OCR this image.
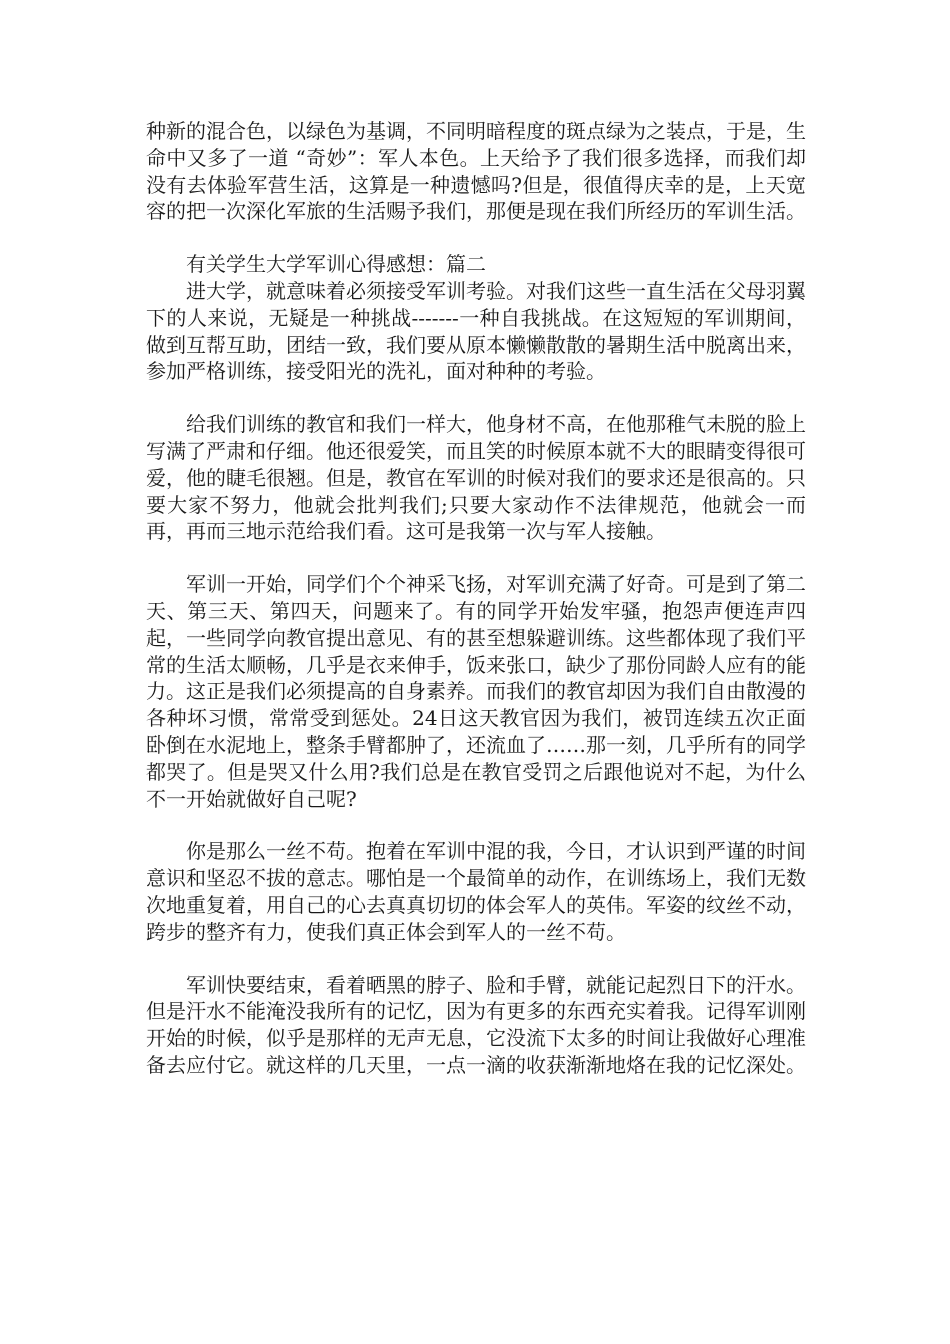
种新的混合色，以绿色为基调，不同明暗程度的斑点绿为之装点，于是，生命中又多了一道 “奇妙”：军人本色。上天给予了我们很多选择，而我们却没有去体验军营生活，这算是一种遗憾吗?但是，很值得庆幸的是，上天宽容的把一次深化军旅的生活赐予我们，那便是现在我们所经历的军训生活。

有关学生大学军训心得感想：篇二

进大学，就意味着必须接受军训考验。对我们这些一直生活在父母羽翼下的人来说，无疑是一种挑战-------一种自我挑战。在这短短的军训期间，做到互帮互助，团结一致，我们要从原本懒懒散散的暑期生活中脱离出来，参加严格训练，接受阳光的洗礼，面对种种的考验。

给我们训练的教官和我们一样大，他身材不高，在他那稚气未脱的脸上写满了严肃和仔细。他还很爱笑，而且笑的时候原本就不大的眼睛变得很可爱，他的睫毛很翘。但是，教官在军训的时候对我们的要求还是很高的。只要大家不努力，他就会批判我们;只要大家动作不法律规范，他就会一而再，再而三地示范给我们看。这可是我第一次与军人接触。

军训一开始，同学们个个神采飞扬，对军训充满了好奇。可是到了第二天、第三天、第四天，问题来了。有的同学开始发牢骚，抱怨声便连声四起，一些同学向教官提出意见、有的甚至想躲避训练。这些都体现了我们平常的生活太顺畅，几乎是衣来伸手，饭来张口，缺少了那份同龄人应有的能力。这正是我们必须提高的自身素养。而我们的教官却因为我们自由散漫的各种坏习惯，常常受到惩处。24日这天教官因为我们，被罚连续五次正面卧倒在水泥地上，整条手臂都肿了，还流血了……那一刻，几乎所有的同学都哭了。但是哭又什么用?我们总是在教官受罚之后跟他说对不起，为什么不一开始就做好自己呢?

你是那么一丝不苟。抱着在军训中混的我，今日，才认识到严谨的时间意识和坚忍不拔的意志。哪怕是一个最简单的动作，在训练场上，我们无数次地重复着，用自己的心去真真切切的体会军人的英伟。军姿的纹丝不动，跨步的整齐有力，使我们真正体会到军人的一丝不苟。

军训快要结束，看着晒黑的脖子、脸和手臂，就能记起烈日下的汗水。但是汗水不能淹没我所有的记忆，因为有更多的东西充实着我。记得军训刚开始的时候，似乎是那样的无声无息，它没流下太多的时间让我做好心理准备去应付它。就这样的几天里，一点一滴的收获渐渐地烙在我的记忆深处。
